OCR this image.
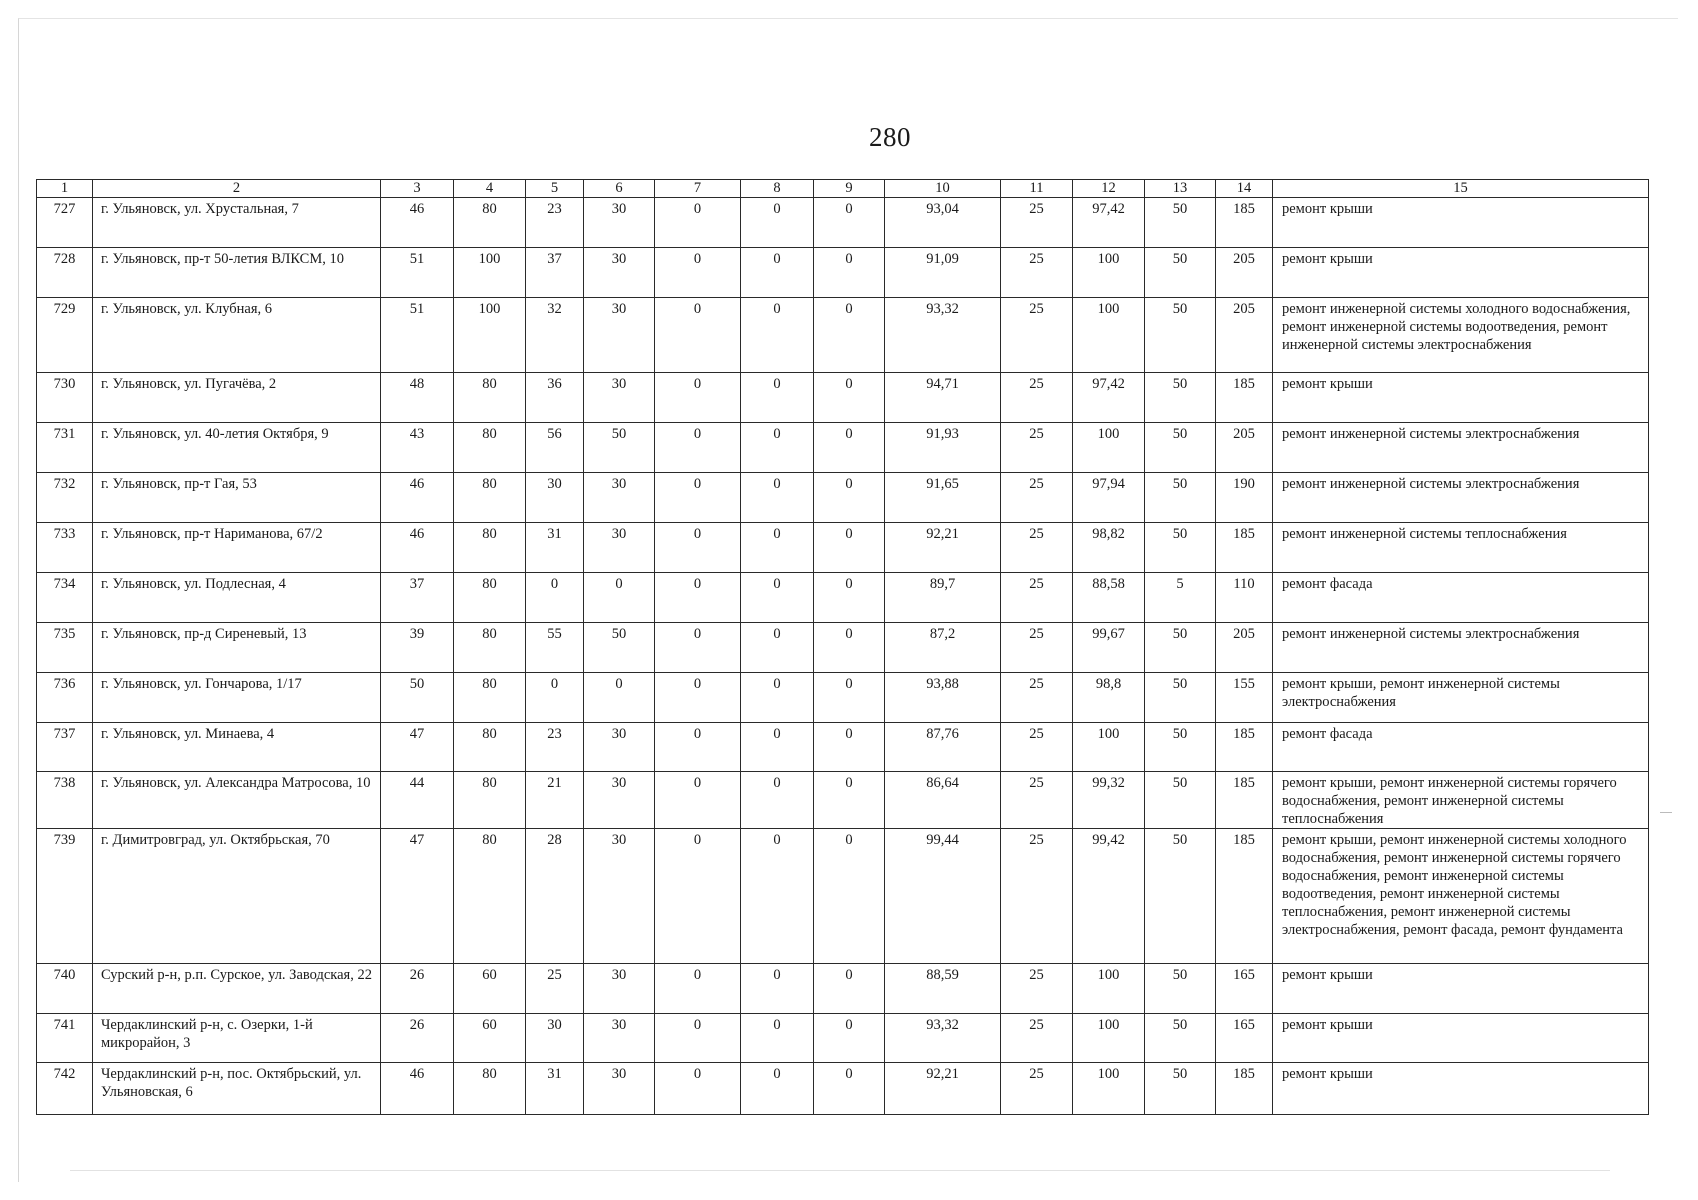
280
1	2	3	4	5	6	7	8	9	10	11	12	13	14	15
727	г. Ульяновск, ул. Хрустальная, 7	46	80	23	30	0	0	0	93,04	25	97,42	50	185	ремонт крыши
728	г. Ульяновск, пр-т 50-летия ВЛКСМ, 10	51	100	37	30	0	0	0	91,09	25	100	50	205	ремонт крыши
729	г. Ульяновск, ул. Клубная, 6	51	100	32	30	0	0	0	93,32	25	100	50	205	ремонт инженерной системы холодного водоснабжения, ремонт инженерной системы водоотведения, ремонт инженерной системы электроснабжения
730	г. Ульяновск, ул. Пугачёва, 2	48	80	36	30	0	0	0	94,71	25	97,42	50	185	ремонт крыши
731	г. Ульяновск, ул. 40-летия Октября, 9	43	80	56	50	0	0	0	91,93	25	100	50	205	ремонт инженерной системы электроснабжения
732	г. Ульяновск, пр-т Гая, 53	46	80	30	30	0	0	0	91,65	25	97,94	50	190	ремонт инженерной системы электроснабжения
733	г. Ульяновск, пр-т Нариманова, 67/2	46	80	31	30	0	0	0	92,21	25	98,82	50	185	ремонт инженерной системы теплоснабжения
734	г. Ульяновск, ул. Подлесная, 4	37	80	0	0	0	0	0	89,7	25	88,58	5	110	ремонт фасада
735	г. Ульяновск, пр-д Сиреневый, 13	39	80	55	50	0	0	0	87,2	25	99,67	50	205	ремонт инженерной системы электроснабжения
736	г. Ульяновск, ул. Гончарова, 1/17	50	80	0	0	0	0	0	93,88	25	98,8	50	155	ремонт крыши, ремонт инженерной системы электроснабжения
737	г. Ульяновск, ул. Минаева, 4	47	80	23	30	0	0	0	87,76	25	100	50	185	ремонт фасада
738	г. Ульяновск, ул. Александра Матросова, 10	44	80	21	30	0	0	0	86,64	25	99,32	50	185	ремонт крыши, ремонт инженерной системы горячего водоснабжения, ремонт инженерной системы теплоснабжения
739	г. Димитровград, ул. Октябрьская, 70	47	80	28	30	0	0	0	99,44	25	99,42	50	185	ремонт крыши, ремонт инженерной системы холодного водоснабжения, ремонт инженерной системы горячего водоснабжения, ремонт инженерной системы водоотведения, ремонт инженерной системы теплоснабжения, ремонт инженерной системы электроснабжения, ремонт фасада, ремонт фундамента
740	Сурский р-н, р.п. Сурское, ул. Заводская, 22	26	60	25	30	0	0	0	88,59	25	100	50	165	ремонт крыши
741	Чердаклинский р-н, с. Озерки, 1-й микрорайон, 3	26	60	30	30	0	0	0	93,32	25	100	50	165	ремонт крыши
742	Чердаклинский р-н, пос. Октябрьский, ул. Ульяновская, 6	46	80	31	30	0	0	0	92,21	25	100	50	185	ремонт крыши
